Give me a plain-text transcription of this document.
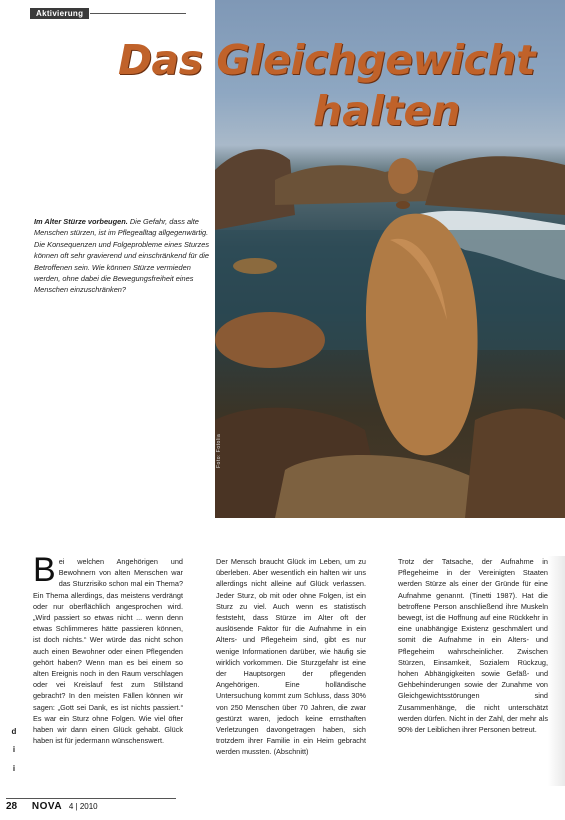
Aktivierung
Foto: Fotolia
Das Gleichgewicht
halten
Im Alter Stürze vorbeugen. Die Gefahr, dass alte Menschen stürzen, ist im Pflegealltag allgegenwärtig. Die Konsequenzen und Folgeprobleme eines Sturzes können oft sehr gravierend und einschränkend für die Betroffenen sein. Wie können Stürze vermieden werden, ohne dabei die Bewegungsfreiheit eines Menschen einzuschränken?
B ei welchen Angehörigen und Bewohnern von alten Menschen war das Sturzrisiko schon mal ein Thema? Ein Thema allerdings, das meistens verdrängt oder nur oberflächlich angesprochen wird. „Wird passiert so etwas nicht ... wenn denn etwas Schlimmeres hätte passieren können, ist doch nichts.“ Wer würde das nicht schon auch einen Bewohner oder einen Pflegenden gehört haben? Wenn man es bei einem so alten Ereignis noch in den Raum verschlagen oder vei Kreislauf fest zum Stillstand gebracht? In den meisten Fällen können wir sagen: „Gott sei Dank, es ist nichts passiert.“ Es war ein Sturz ohne Folgen. Wie viel öfter haben wir dann einen Glück gehabt. Glück haben ist für jedermann wünschenswert.

Der Mensch braucht Glück im Leben, um zu überleben. Aber wesentlich ein halten wir uns allerdings nicht alleine auf Glück verlassen. Jeder Sturz, ob mit oder ohne Folgen, ist ein Sturz zu viel. Auch wenn es statistisch feststeht, dass Stürze im Alter oft der auslösende Faktor für die Aufnahme in ein Alters- und Pflegeheim sind, gibt es nur wenige Informationen darüber, wie häufig sie wirklich vorkommen. Die Sturzgefahr ist eine der Hauptsorgen der pflegenden Angehörigen. Eine holländische Untersuchung kommt zum Schluss, dass 30% von 250 Menschen über 70 Jahren, die zwar gestürzt waren, jedoch keine ernsthaften Verletzungen davongetragen haben, sich trotzdem ihrer Familie in ein Heim gebracht werden mussten. (Abschnitt)

Trotz der Tatsache, der Aufnahme in Pflegeheime in der Vereinigten Staaten werden Stürze als einer der Gründe für eine Aufnahme genannt. (Tinetti 1987). Hat die betroffene Person anschließend ihre Muskeln bewegt, ist die Hoffnung auf eine Rückkehr in eine unabhängige Existenz geschmälert und somit die Aufnahme in ein Alters- und Pflegeheim wahrscheinlicher. Zwischen Stürzen, Einsamkeit, Sozialem Rückzug, hohen Abhängigkeiten sowie Gefäß- und Gehbehinderungen sowie der Zunahme von Gleichgewichtsstörungen sind Zusammenhänge, die nicht unterschätzt werden dürfen. Nicht in der Zahl, der mehr als 90% der Leiblichen ihrer Personen betreut.

d
i
i
28 NOVA 4 | 2010
